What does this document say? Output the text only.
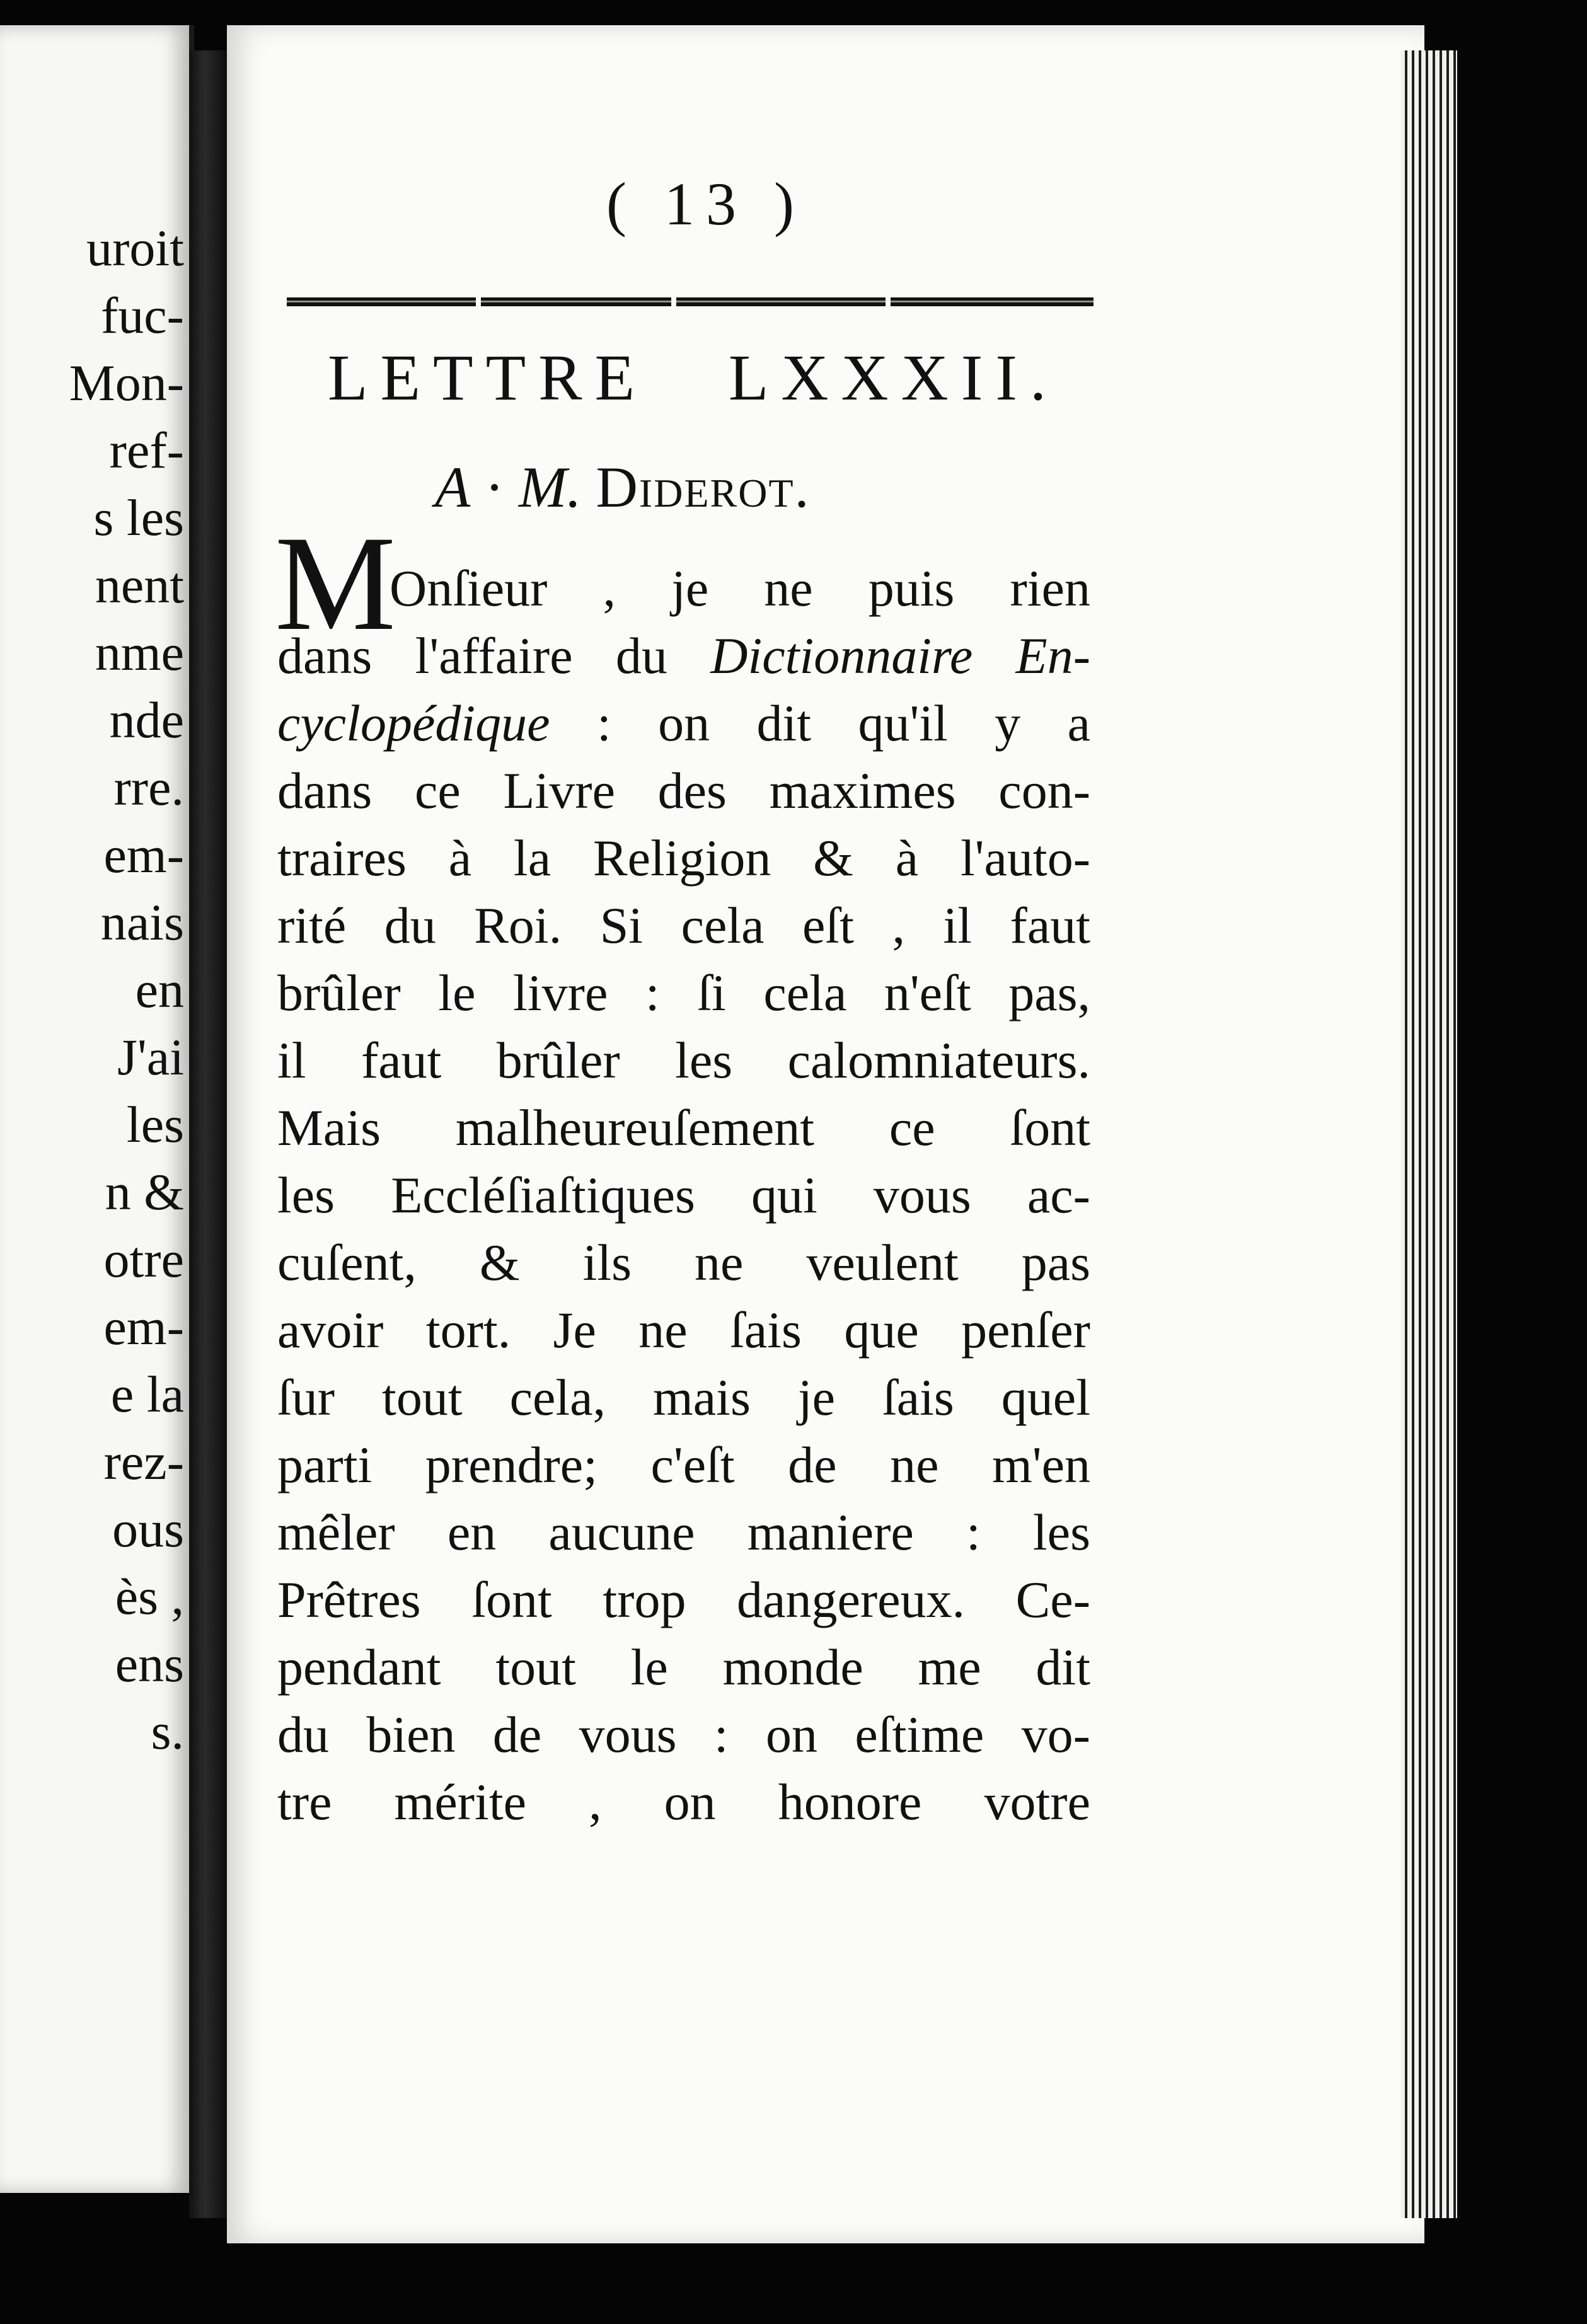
uroit
fuc-
Mon-
ref-
s les
nent
nme
nde
rre.
em-
nais
en
J'ai
les
n &
otre
em-
e la
rez-
ous
ès ,
ens
s.
( 13 )
LETTRE LXXXII.
A · M. Diderot.
M
Onſieur , je ne puis rien
dans l'affaire du Dictionnaire En-
cyclopédique : on dit qu'il y a
dans ce Livre des maximes con-
traires à la Religion & à l'auto-
rité du Roi. Si cela eſt , il faut
brûler le livre : ſi cela n'eſt pas,
il faut brûler les calomniateurs.
Mais malheureuſement ce ſont
les Eccléſiaſtiques qui vous ac-
cuſent, & ils ne veulent pas
avoir tort. Je ne ſais que penſer
ſur tout cela, mais je ſais quel
parti prendre; c'eſt de ne m'en
mêler en aucune maniere : les
Prêtres ſont trop dangereux. Ce-
pendant tout le monde me dit
du bien de vous : on eſtime vo-
tre mérite , on honore votre
